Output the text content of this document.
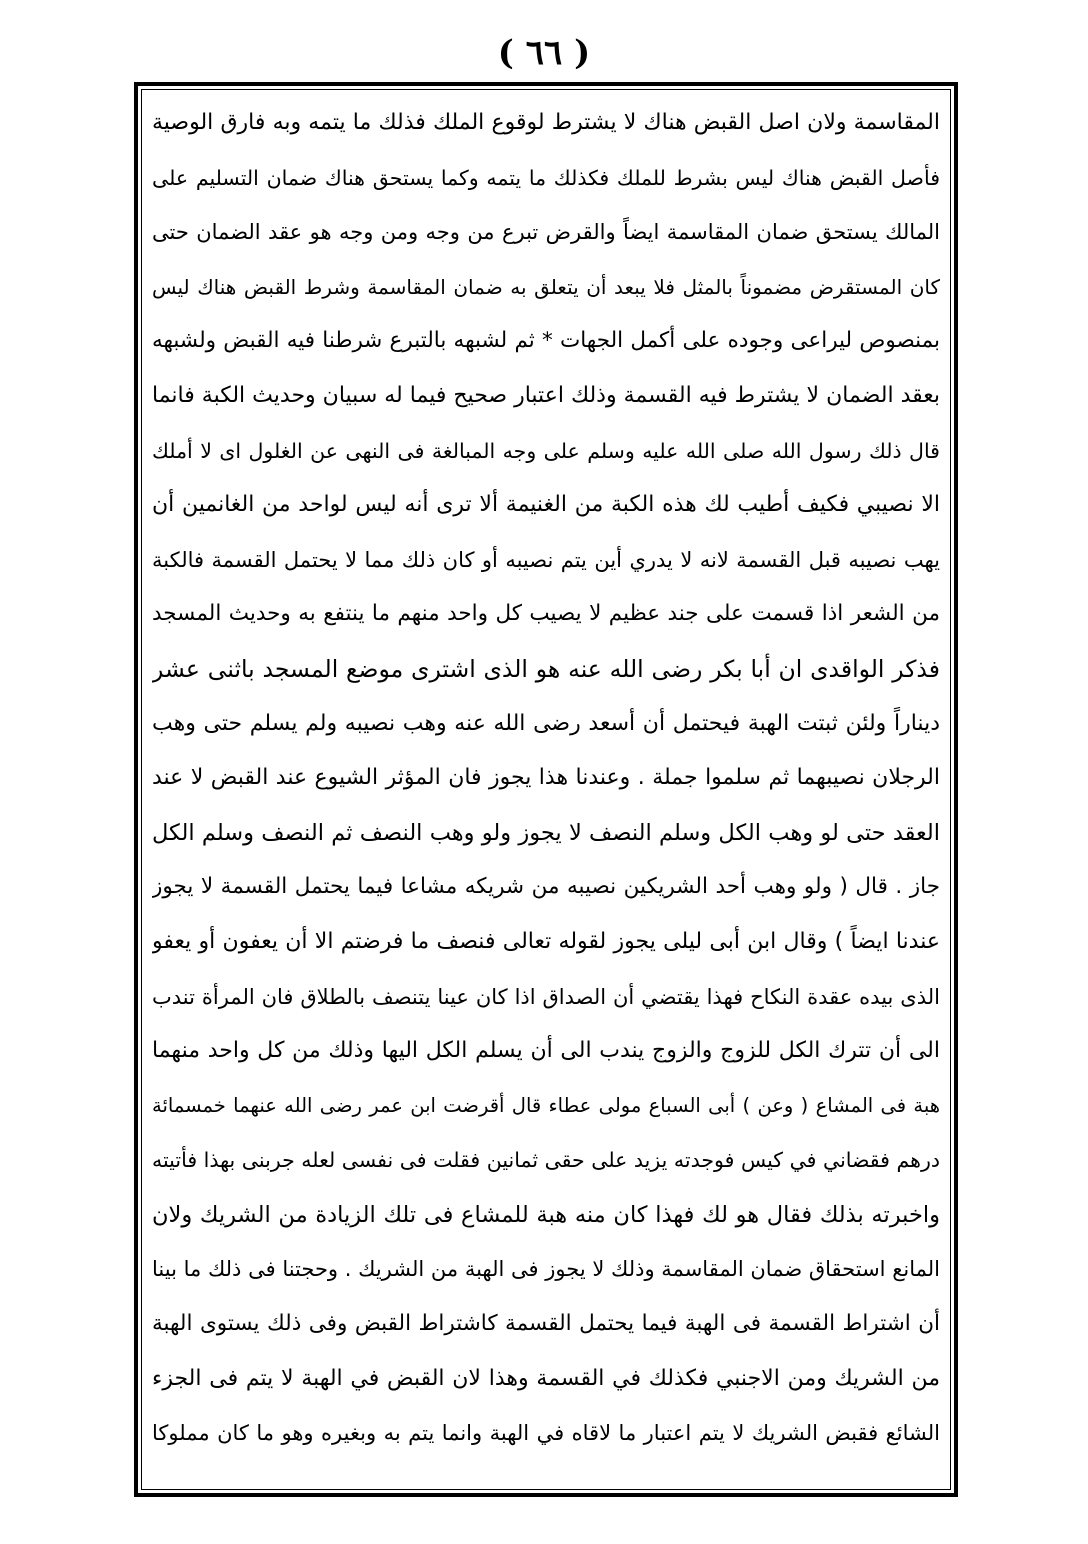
( ٦٦ )
المقاسمة ولان اصل القبض هناك لا يشترط لوقوع الملك فذلك ما يتمه وبه فارق الوصية
فأصل القبض هناك ليس بشرط للملك فكذلك ما يتمه وكما يستحق هناك ضمان التسليم على
المالك يستحق ضمان المقاسمة ايضاً والقرض تبرع من وجه ومن وجه هو عقد الضمان حتى
كان المستقرض مضموناً بالمثل فلا يبعد أن يتعلق به ضمان المقاسمة وشرط القبض هناك ليس
بمنصوص ليراعى وجوده على أكمل الجهات * ثم لشبهه بالتبرع شرطنا فيه القبض ولشبهه
بعقد الضمان لا يشترط فيه القسمة وذلك اعتبار صحيح فيما له سبيان وحديث الكبة فانما
قال ذلك رسول الله صلى الله عليه وسلم على وجه المبالغة فى النهى عن الغلول اى لا أملك
الا نصيبي فكيف أطيب لك هذه الكبة من الغنيمة ألا ترى أنه ليس لواحد من الغانمين أن
يهب نصيبه قبل القسمة لانه لا يدري أين يتم نصيبه أو كان ذلك مما لا يحتمل القسمة فالكبة
من الشعر اذا قسمت على جند عظيم لا يصيب كل واحد منهم ما ينتفع به وحديث المسجد
فذكر الواقدى ان أبا بكر رضى الله عنه هو الذى اشترى موضع المسجد باثنى عشر
ديناراً ولئن ثبتت الهبة فيحتمل أن أسعد رضى الله عنه وهب نصيبه ولم يسلم حتى وهب
الرجلان نصيبهما ثم سلموا جملة . وعندنا هذا يجوز فان المؤثر الشيوع عند القبض لا عند
العقد حتى لو وهب الكل وسلم النصف لا يجوز ولو وهب النصف ثم النصف وسلم الكل
جاز . قال ( ولو وهب أحد الشريكين نصيبه من شريكه مشاعا فيما يحتمل القسمة لا يجوز
عندنا ايضاً ) وقال ابن أبى ليلى يجوز لقوله تعالى فنصف ما فرضتم الا أن يعفون أو يعفو
الذى بيده عقدة النكاح فهذا يقتضي أن الصداق اذا كان عينا يتنصف بالطلاق فان المرأة تندب
الى أن تترك الكل للزوج والزوج يندب الى أن يسلم الكل اليها وذلك من كل واحد منهما
هبة فى المشاع ( وعن ) أبى السباع مولى عطاء قال أقرضت ابن عمر رضى الله عنهما خمسمائة
درهم فقضاني في كيس فوجدته يزيد على حقى ثمانين فقلت فى نفسى لعله جربنى بهذا فأتيته
واخبرته بذلك فقال هو لك فهذا كان منه هبة للمشاع فى تلك الزيادة من الشريك ولان
المانع استحقاق ضمان المقاسمة وذلك لا يجوز فى الهبة من الشريك . وحجتنا فى ذلك ما بينا
أن اشتراط القسمة فى الهبة فيما يحتمل القسمة كاشتراط القبض وفى ذلك يستوى الهبة
من الشريك ومن الاجنبي فكذلك في القسمة وهذا لان القبض في الهبة لا يتم فى الجزء
الشائع فقبض الشريك لا يتم اعتبار ما لاقاه في الهبة وانما يتم به وبغيره وهو ما كان مملوكا
